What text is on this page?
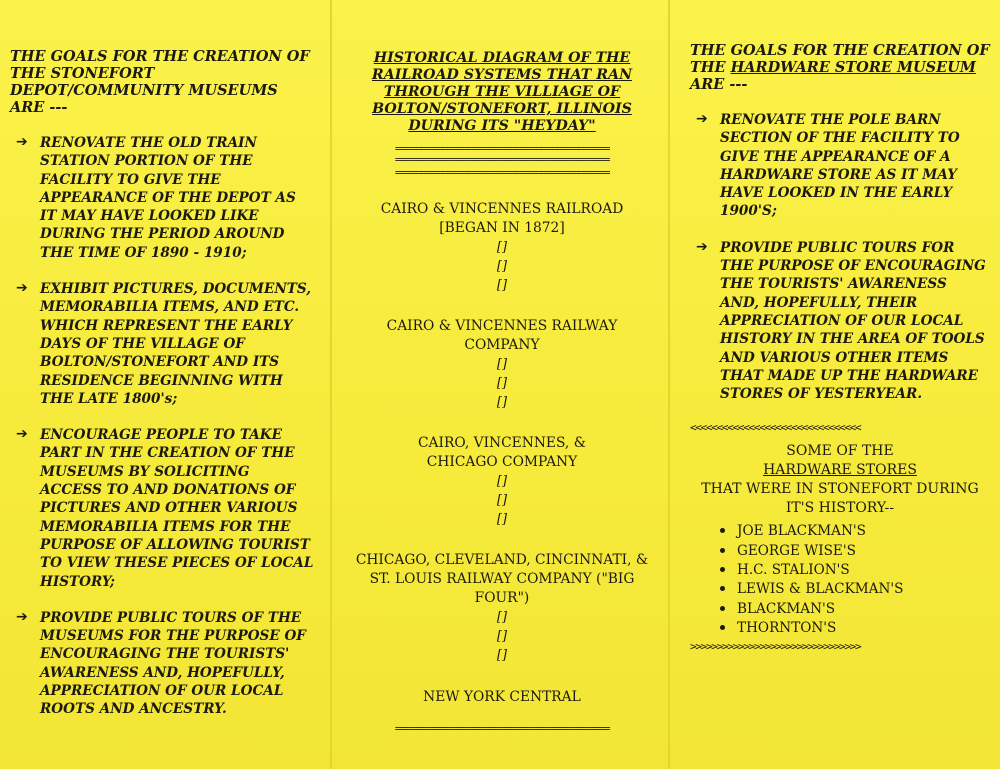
THE GOALS FOR THE CREATION OF THE STONEFORT DEPOT/COMMUNITY MUSEUMS ARE ---
➔ RENOVATE THE OLD TRAIN STATION PORTION OF THE FACILITY TO GIVE THE APPEARANCE OF THE DEPOT AS IT MAY HAVE LOOKED LIKE DURING THE PERIOD AROUND THE TIME OF 1890 - 1910;

➔ EXHIBIT PICTURES, DOCUMENTS, MEMORABILIA ITEMS, AND ETC. WHICH REPRESENT THE EARLY DAYS OF THE VILLAGE OF BOLTON/STONEFORT AND ITS RESIDENCE BEGINNING WITH THE LATE 1800's;

➔ ENCOURAGE PEOPLE TO TAKE PART IN THE CREATION OF THE MUSEUMS BY SOLICITING ACCESS TO AND DONATIONS OF PICTURES AND OTHER VARIOUS MEMORABILIA ITEMS FOR THE PURPOSE OF ALLOWING TOURIST TO VIEW THESE PIECES OF LOCAL HISTORY;

➔ PROVIDE PUBLIC TOURS OF THE MUSEUMS FOR THE PURPOSE OF ENCOURAGING THE TOURISTS' AWARENESS AND, HOPEFULLY, APPRECIATION OF OUR LOCAL ROOTS AND ANCESTRY.

HISTORICAL DIAGRAM OF THE RAILROAD SYSTEMS THAT RAN THROUGH THE VILLIAGE OF BOLTON/STONEFORT, ILLINOIS DURING ITS "HEYDAY"

=========================================

=========================================

=========================================

CAIRO & VINCENNES RAILROAD [BEGAN IN 1872]

[]

[]

[]

CAIRO & VINCENNES RAILWAY COMPANY

[]

[]

[]

CAIRO, VINCENNES, & CHICAGO COMPANY

[]

[]

[]

CHICAGO, CLEVELAND, CINCINNATI, & ST. LOUIS RAILWAY COMPANY ("BIG FOUR")

[]

[]

[]

NEW YORK CENTRAL

=========================================

THE GOALS FOR THE CREATION OF THE HARDWARE STORE MUSEUM ARE ---
➔ RENOVATE THE POLE BARN SECTION OF THE FACILITY TO GIVE THE APPEARANCE OF A HARDWARE STORE AS IT MAY HAVE LOOKED IN THE EARLY 1900'S;

➔ PROVIDE PUBLIC TOURS FOR THE PURPOSE OF ENCOURAGING THE TOURISTS' AWARENESS AND, HOPEFULLY, THEIR APPRECIATION OF OUR LOCAL HISTORY IN THE AREA OF TOOLS AND VARIOUS OTHER ITEMS THAT MADE UP THE HARDWARE STORES OF YESTERYEAR.

<<<<<<<<<<<<<<<<<<<<<<<<<<<<<<<<

SOME OF THE

HARDWARE STORES

THAT WERE IN STONEFORT DURING IT'S HISTORY--

JOE BLACKMAN'S
GEORGE WISE'S
H.C. STALION'S
LEWIS & BLACKMAN'S
BLACKMAN'S
THORNTON'S

>>>>>>>>>>>>>>>>>>>>>>>>>>>>>>>>
